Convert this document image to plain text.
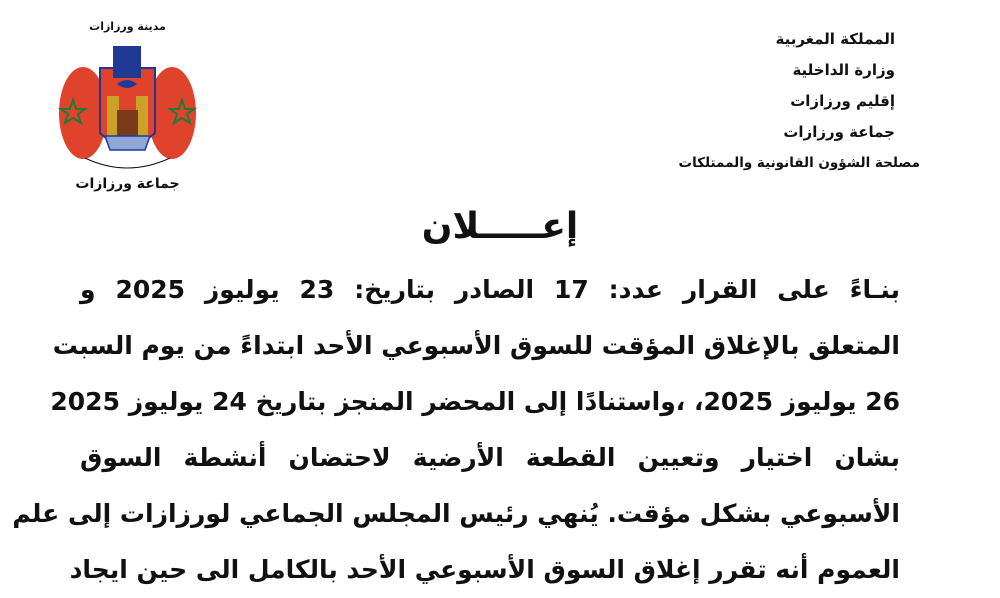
مدينة ورزازات
جماعة ورزازات
المملكة المغربية
وزارة الداخلية
إقليم ورزازات
جماعة ورزازات
مصلحة الشؤون القانونية والممتلكات
إعـــــلان
بنـاءً على القرار عدد: 17 الصادر بتاريخ: 23 يوليوز 2025 و
المتعلق بالإغلاق المؤقت للسوق الأسبوعي الأحد ابتداءً من يوم السبت
26 يوليوز 2025، ،واستنادًا إلى المحضر المنجز بتاريخ 24 يوليوز 2025
بشان اختيار وتعيين القطعة الأرضية لاحتضان أنشطة السوق
الأسبوعي بشكل مؤقت. يُنهي رئيس المجلس الجماعي لورزازات إلى علم
العموم أنه تقرر إغلاق السوق الأسبوعي الأحد بالكامل الى حين ايجاد
